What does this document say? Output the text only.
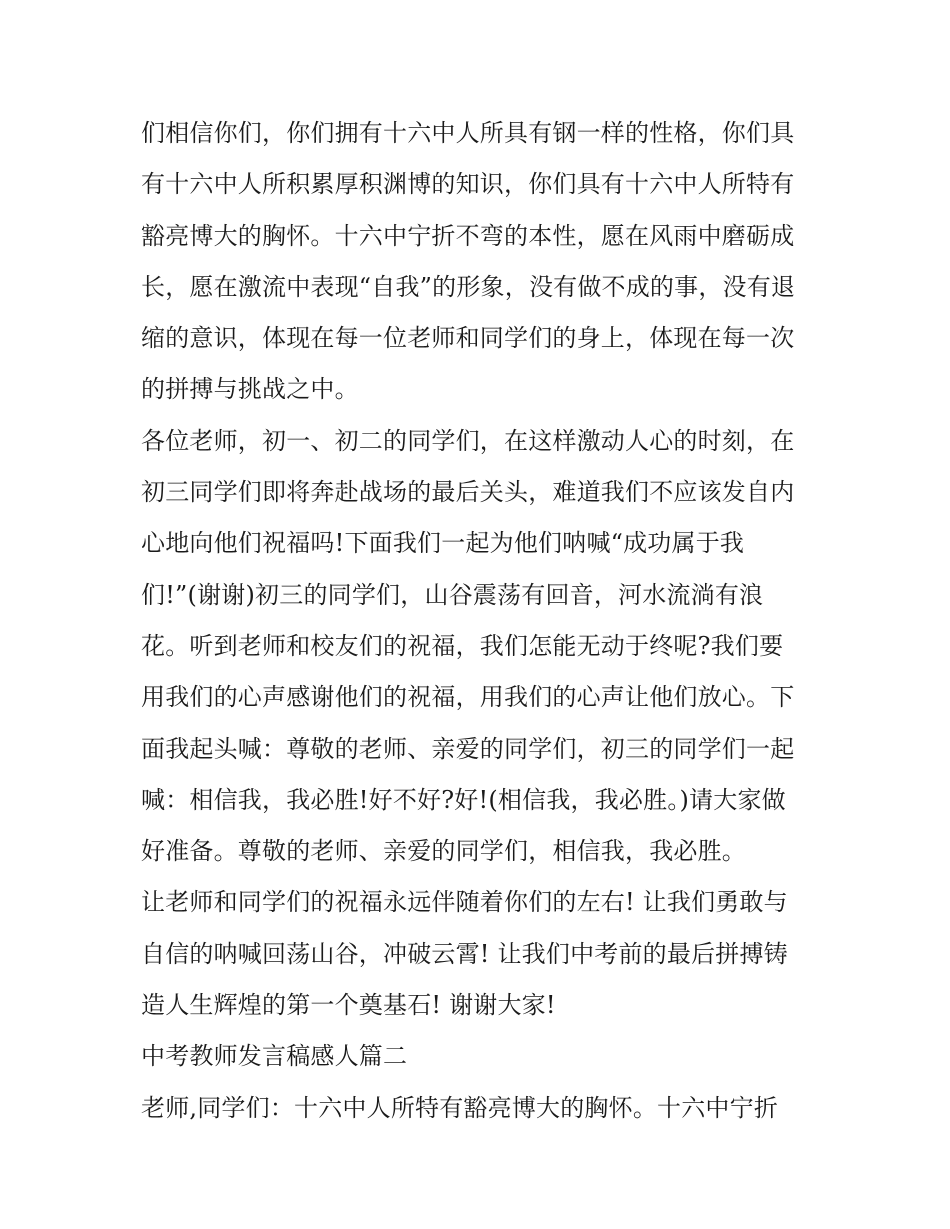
们相信你们，你们拥有十六中人所具有钢一样的性格，你们具
有十六中人所积累厚积渊博的知识，你们具有十六中人所特有
豁亮博大的胸怀。十六中宁折不弯的本性，愿在风雨中磨砺成
长，愿在激流中表现“自我”的形象，没有做不成的事，没有退
缩的意识，体现在每一位老师和同学们的身上，体现在每一次
的拼搏与挑战之中。
各位老师，初一、初二的同学们，在这样激动人心的时刻，在
初三同学们即将奔赴战场的最后关头，难道我们不应该发自内
心地向他们祝福吗!下面我们一起为他们呐喊“成功属于我
们!”(谢谢)初三的同学们，山谷震荡有回音，河水流淌有浪
花。听到老师和校友们的祝福，我们怎能无动于终呢?我们要
用我们的心声感谢他们的祝福，用我们的心声让他们放心。下
面我起头喊：尊敬的老师、亲爱的同学们，初三的同学们一起
喊：相信我，我必胜!好不好?好!(相信我，我必胜。)请大家做
好准备。尊敬的老师、亲爱的同学们，相信我，我必胜。
让老师和同学们的祝福永远伴随着你们的左右! 让我们勇敢与
自信的呐喊回荡山谷，冲破云霄! 让我们中考前的最后拼搏铸
造人生辉煌的第一个奠基石! 谢谢大家!
中考教师发言稿感人篇二
老师,同学们：十六中人所特有豁亮博大的胸怀。十六中宁折
